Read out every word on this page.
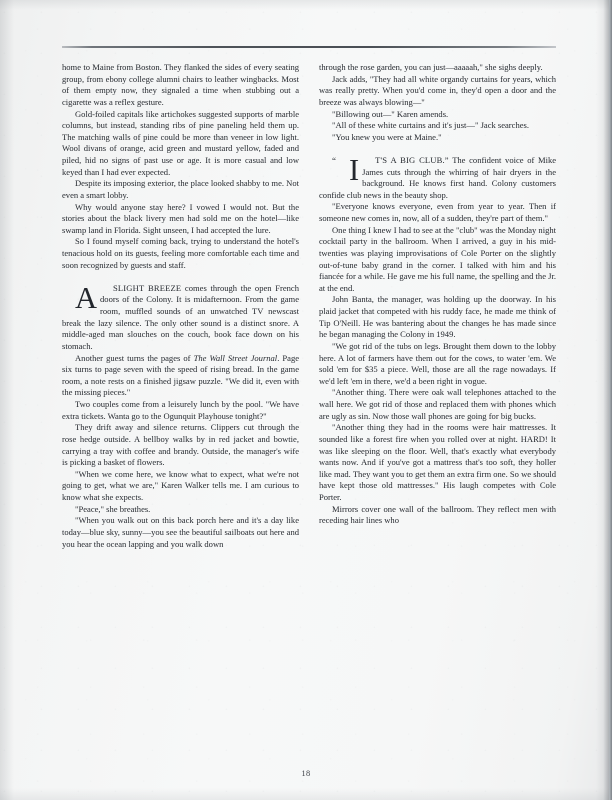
home to Maine from Boston. They flanked the sides of every seating group, from ebony college alumni chairs to leather wingbacks. Most of them empty now, they signaled a time when stubbing out a cigarette was a reflex gesture.

Gold-foiled capitals like artichokes suggested supports of marble columns, but instead, standing ribs of pine paneling held them up. The matching walls of pine could be more than veneer in low light. Wool divans of orange, acid green and mustard yellow, faded and piled, hid no signs of past use or age. It is more casual and low keyed than I had ever expected.

Despite its imposing exterior, the place looked shabby to me. Not even a smart lobby.

Why would anyone stay here? I vowed I would not. But the stories about the black livery men had sold me on the hotel—like swamp land in Florida. Sight unseen, I had accepted the lure.

So I found myself coming back, trying to understand the hotel's tenacious hold on its guests, feeling more comfortable each time and soon recognized by guests and staff.

A	SLIGHT BREEZE comes through the open French doors of the Colony. It is midafternoon. From the game room, muffled sounds of an unwatched TV newscast break the lazy silence. The only other sound is a distinct snore. A middle-aged man slouches on the couch, book face down on his stomach.

Another guest turns the pages of The Wall Street Journal. Page six turns to page seven with the speed of rising bread. In the game room, a note rests on a finished jigsaw puzzle. "We did it, even with the missing pieces."

Two couples come from a leisurely lunch by the pool. "We have extra tickets. Wanta go to the Ogunquit Playhouse tonight?"

They drift away and silence returns. Clippers cut through the rose hedge outside. A bellboy walks by in red jacket and bowtie, carrying a tray with coffee and brandy. Outside, the manager's wife is picking a basket of flowers.

"When we come here, we know what to expect, what we're not going to get, what we are," Karen Walker tells me. I am curious to know what she expects.

"Peace," she breathes.

"When you walk out on this back porch here and it's a day like today—blue sky, sunny—you see the beautiful sailboats out here and you hear the ocean lapping and you walk down

through the rose garden, you can just—aaaaah," she sighs deeply.

Jack adds, "They had all white organdy curtains for years, which was really pretty. When you'd come in, they'd open a door and the breeze was always blowing—"

"Billowing out—" Karen amends.

"All of these white curtains and it's just—" Jack searches.

"You knew you were at Maine."

“ I	T'S A BIG CLUB.” The confident voice of Mike James cuts through the whirring of hair dryers in the background. He knows first hand. Colony customers confide club news in the beauty shop.

"Everyone knows everyone, even from year to year. Then if someone new comes in, now, all of a sudden, they're part of them."

One thing I knew I had to see at the "club" was the Monday night cocktail party in the ballroom. When I arrived, a guy in his mid-twenties was playing improvisations of Cole Porter on the slightly out-of-tune baby grand in the corner. I talked with him and his fiancée for a while. He gave me his full name, the spelling and the Jr. at the end.

John Banta, the manager, was holding up the doorway. In his plaid jacket that competed with his ruddy face, he made me think of Tip O'Neill. He was bantering about the changes he has made since he began managing the Colony in 1949.

"We got rid of the tubs on legs. Brought them down to the lobby here. A lot of farmers have them out for the cows, to water 'em. We sold 'em for $35 a piece. Well, those are all the rage nowadays. If we'd left 'em in there, we'd a been right in vogue.

"Another thing. There were oak wall telephones attached to the wall here. We got rid of those and replaced them with phones which are ugly as sin. Now those wall phones are going for big bucks.

"Another thing they had in the rooms were hair mattresses. It sounded like a forest fire when you rolled over at night. HARD! It was like sleeping on the floor. Well, that's exactly what everybody wants now. And if you've got a mattress that's too soft, they holler like mad. They want you to get them an extra firm one. So we should have kept those old mattresses." His laugh competes with Cole Porter.

Mirrors cover one wall of the ballroom. They reflect men with receding hair lines who

18
